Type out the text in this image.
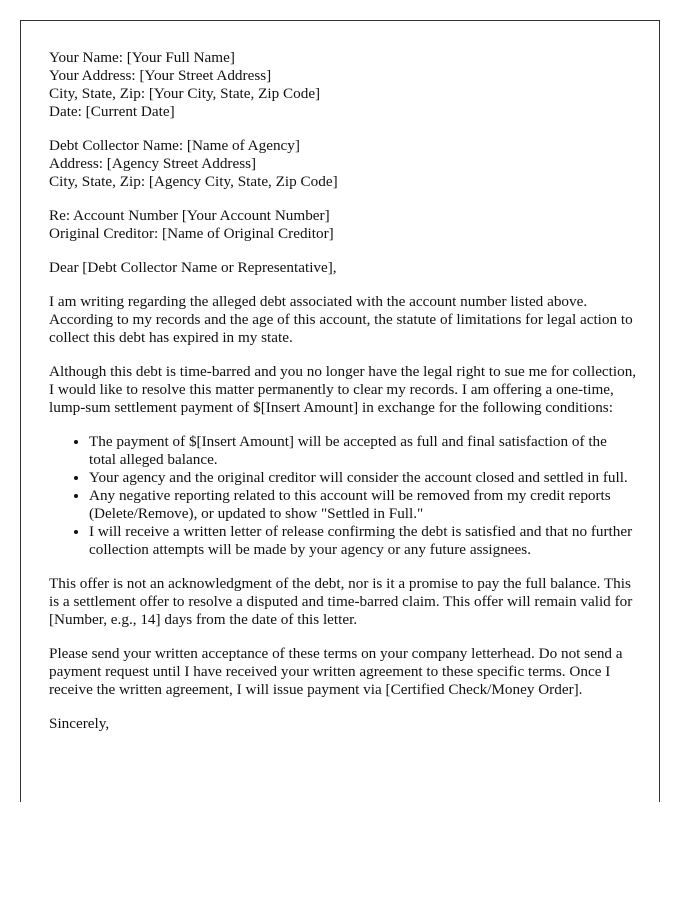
Your Name: [Your Full Name]
Your Address: [Your Street Address]
City, State, Zip: [Your City, State, Zip Code]
Date: [Current Date]

Debt Collector Name: [Name of Agency]
Address: [Agency Street Address]
City, State, Zip: [Agency City, State, Zip Code]

Re: Account Number [Your Account Number]
Original Creditor: [Name of Original Creditor]

Dear [Debt Collector Name or Representative],

I am writing regarding the alleged debt associated with the account number listed above. According to my records and the age of this account, the statute of limitations for legal action to collect this debt has expired in my state.

Although this debt is time-barred and you no longer have the legal right to sue me for collection, I would like to resolve this matter permanently to clear my records. I am offering a one-time, lump-sum settlement payment of $[Insert Amount] in exchange for the following conditions:

• The payment of $[Insert Amount] will be accepted as full and final satisfaction of the total alleged balance.
• Your agency and the original creditor will consider the account closed and settled in full.
• Any negative reporting related to this account will be removed from my credit reports (Delete/Remove), or updated to show "Settled in Full."
• I will receive a written letter of release confirming the debt is satisfied and that no further collection attempts will be made by your agency or any future assignees.

This offer is not an acknowledgment of the debt, nor is it a promise to pay the full balance. This is a settlement offer to resolve a disputed and time-barred claim. This offer will remain valid for [Number, e.g., 14] days from the date of this letter.

Please send your written acceptance of these terms on your company letterhead. Do not send a payment request until I have received your written agreement to these specific terms. Once I receive the written agreement, I will issue payment via [Certified Check/Money Order].

Sincerely,
